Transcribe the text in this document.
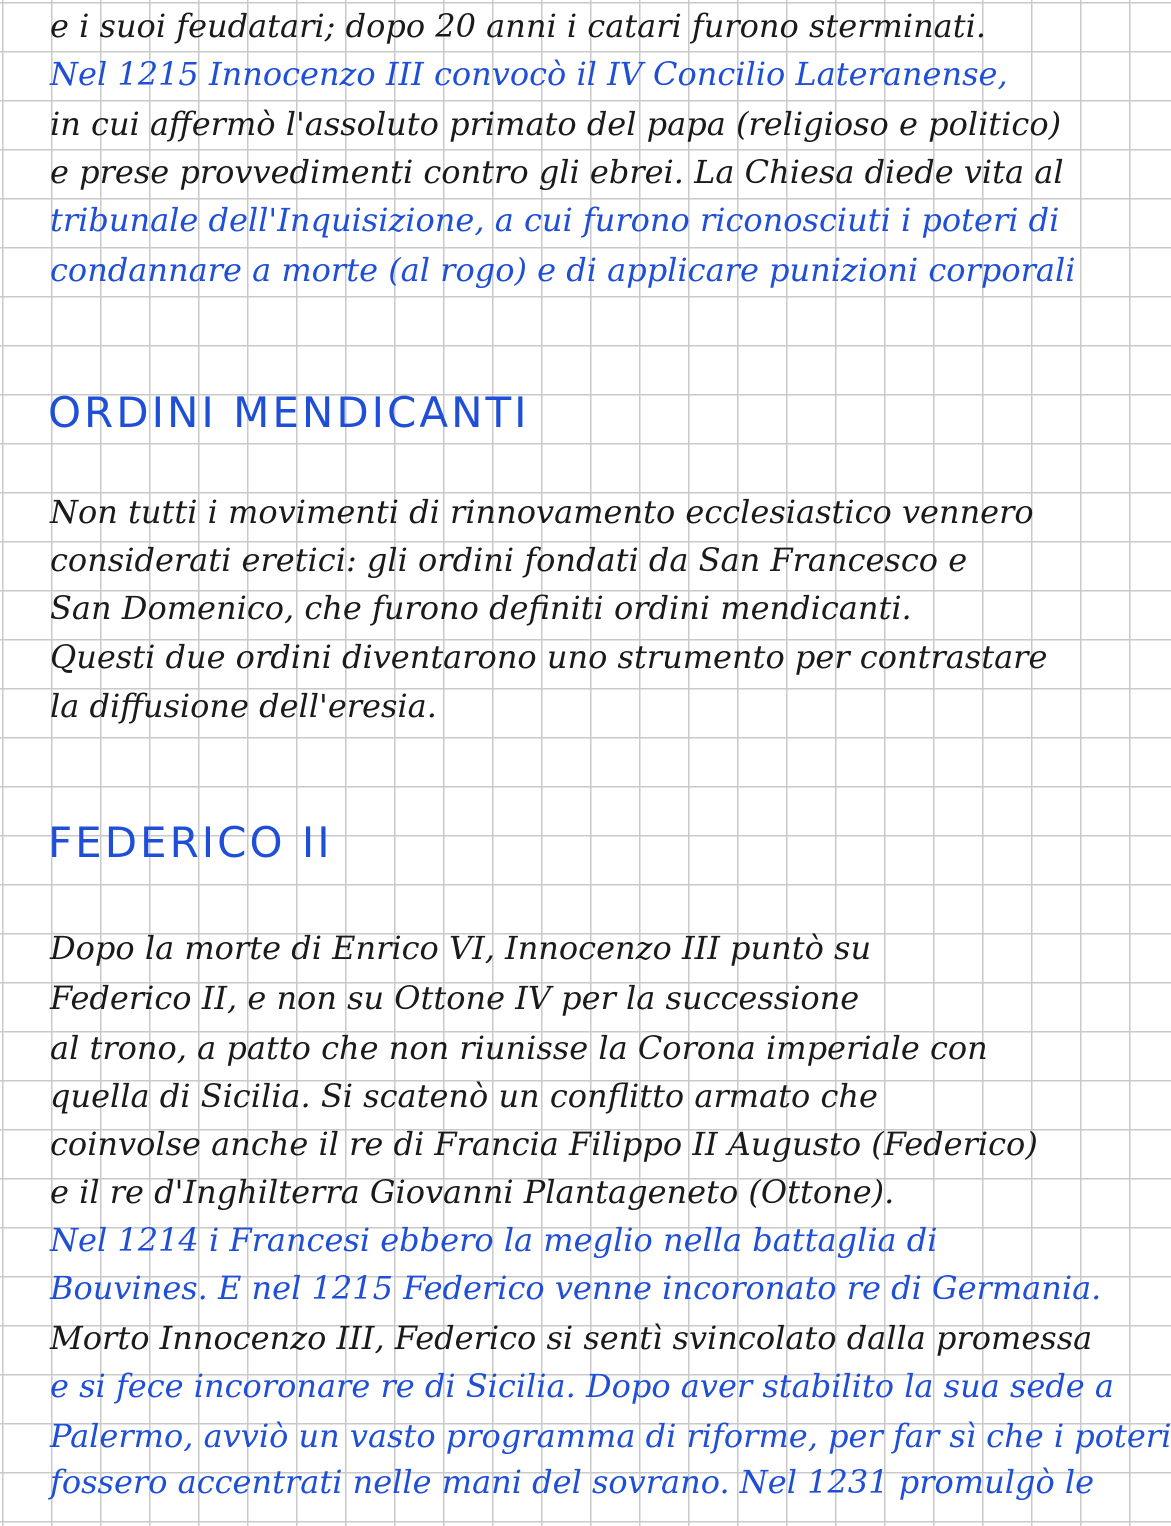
e i suoi feudatari; dopo 20 anni i catari furono sterminati.
Nel 1215 Innocenzo III convocò il IV Concilio Lateranense,
in cui affermò l'assoluto primato del papa (religioso e politico)
e prese provvedimenti contro gli ebrei. La Chiesa diede vita al
tribunale dell'Inquisizione, a cui furono riconosciuti i poteri di
condannare a morte (al rogo) e di applicare punizioni corporali
ORDINI MENDICANTI
Non tutti i movimenti di rinnovamento ecclesiastico vennero
considerati eretici: gli ordini fondati da San Francesco e
San Domenico, che furono definiti ordini mendicanti.
Questi due ordini diventarono uno strumento per contrastare
la diffusione dell'eresia.
FEDERICO II
Dopo la morte di Enrico VI, Innocenzo III puntò su
Federico II, e non su Ottone IV per la successione
al trono, a patto che non riunisse la Corona imperiale con
quella di Sicilia. Si scatenò un conflitto armato che
coinvolse anche il re di Francia Filippo II Augusto (Federico)
e il re d'Inghilterra Giovanni Plantageneto (Ottone).
Nel 1214 i Francesi ebbero la meglio nella battaglia di
Bouvines. E nel 1215 Federico venne incoronato re di Germania.
Morto Innocenzo III, Federico si sentì svincolato dalla promessa
e si fece incoronare re di Sicilia. Dopo aver stabilito la sua sede a
Palermo, avviò un vasto programma di riforme, per far sì che i poteri
fossero accentrati nelle mani del sovrano. Nel 1231 promulgò le
